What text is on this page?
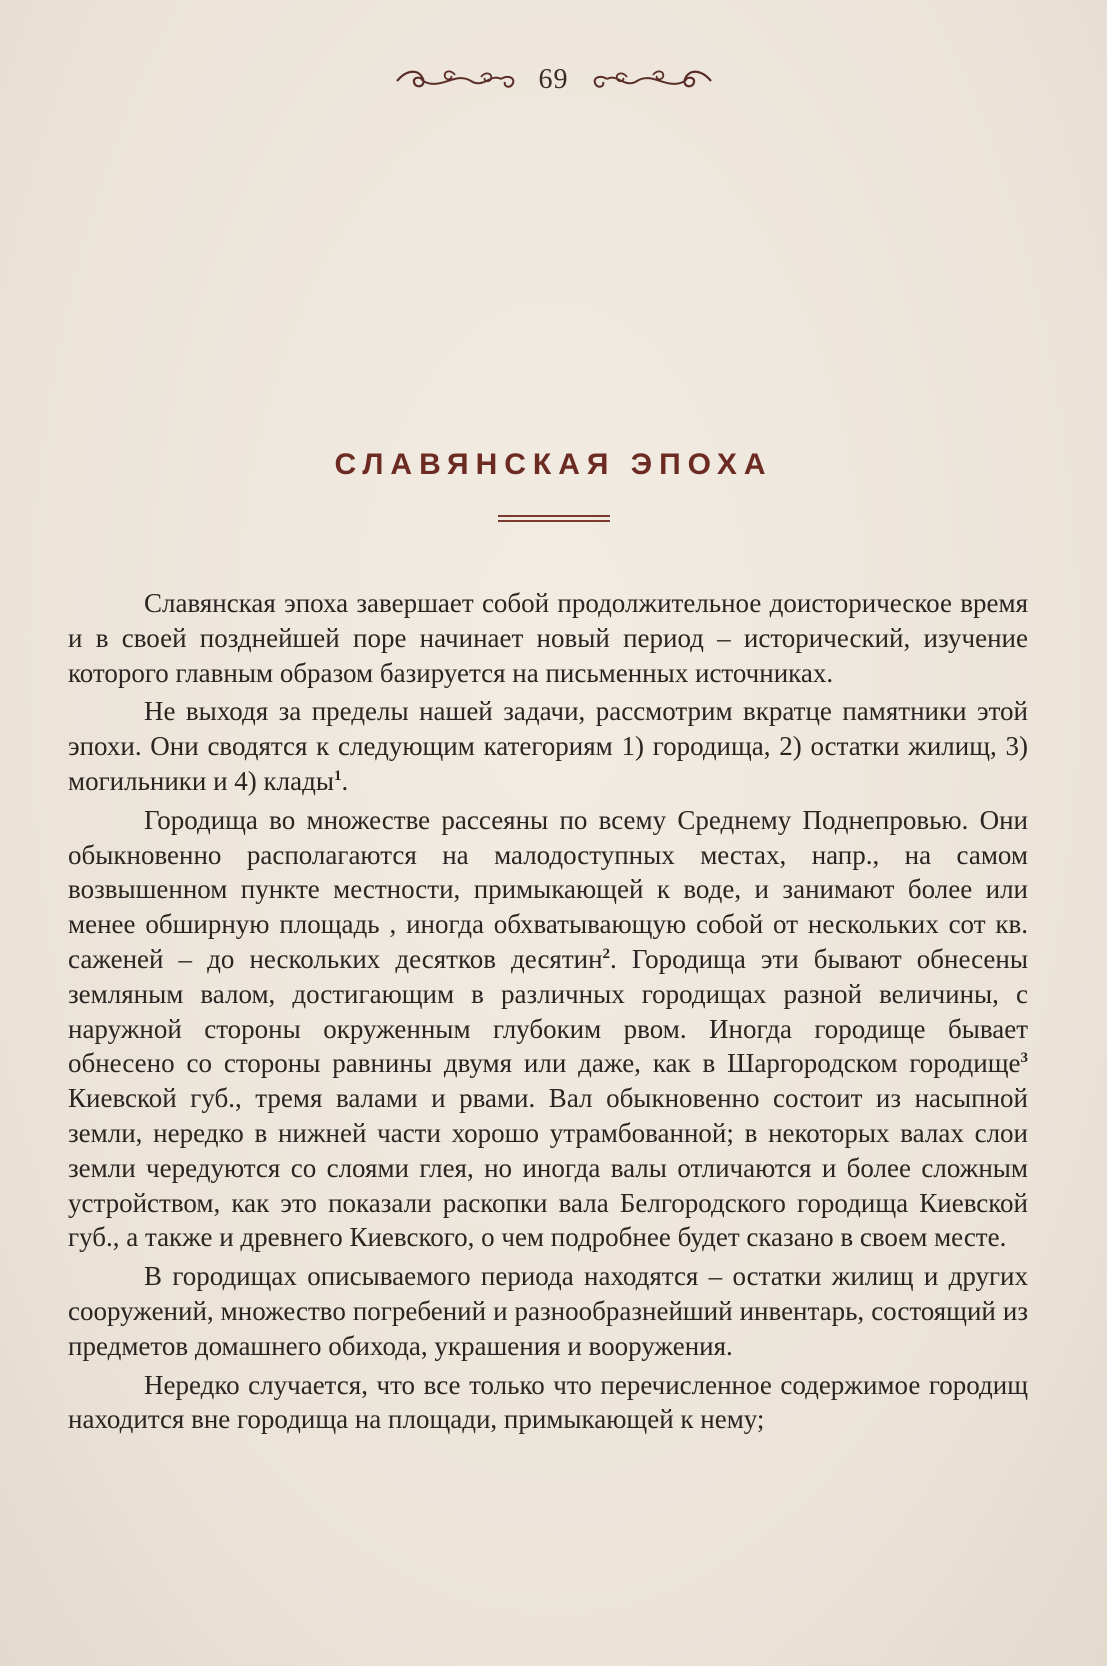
69
СЛАВЯНСКАЯ ЭПОХА

Славянская эпоха завершает собой продолжительное доисторическое время и в своей позднейшей поре начинает новый период – исторический, изучение которого главным образом базируется на письменных источниках.

Не выходя за пределы нашей задачи, рассмотрим вкратце памятники этой эпохи. Они сводятся к следующим категориям 1) городища, 2) остатки жилищ, 3) могильники и 4) клады$^1$.

Городища во множестве рассеяны по всему Среднему Поднепровью. Они обыкновенно располагаются на малодоступных местах, напр., на самом возвышенном пункте местности, примыкающей к воде, и занимают более или менее обширную площадь , иногда обхватывающую собой от нескольких сот кв. саженей – до нескольких десятков десятин$^2$. Городища эти бывают обнесены земляным валом, достигающим в различных городищах разной величины, с наружной стороны окруженным глубоким рвом. Иногда городище бывает обнесено со стороны равнины двумя или даже, как в Шаргородском городище$^3$ Киевской губ., тремя валами и рвами. Вал обыкновенно состоит из насыпной земли, нередко в нижней части хорошо утрамбованной; в некоторых валах слои земли чередуются со слоями глея, но иногда валы отличаются и более сложным устройством, как это показали раскопки вала Белгородского городища Киевской губ., а также и древнего Киевского, о чем подробнее будет сказано в своем месте.

В городищах описываемого периода находятся – остатки жилищ и других сооружений, множество погребений и разнообразнейший инвентарь, состоящий из предметов домашнего обихода, украшения и вооружения.

Нередко случается, что все только что перечисленное содержимое городищ находится вне городища на площади, примыкающей к нему;
